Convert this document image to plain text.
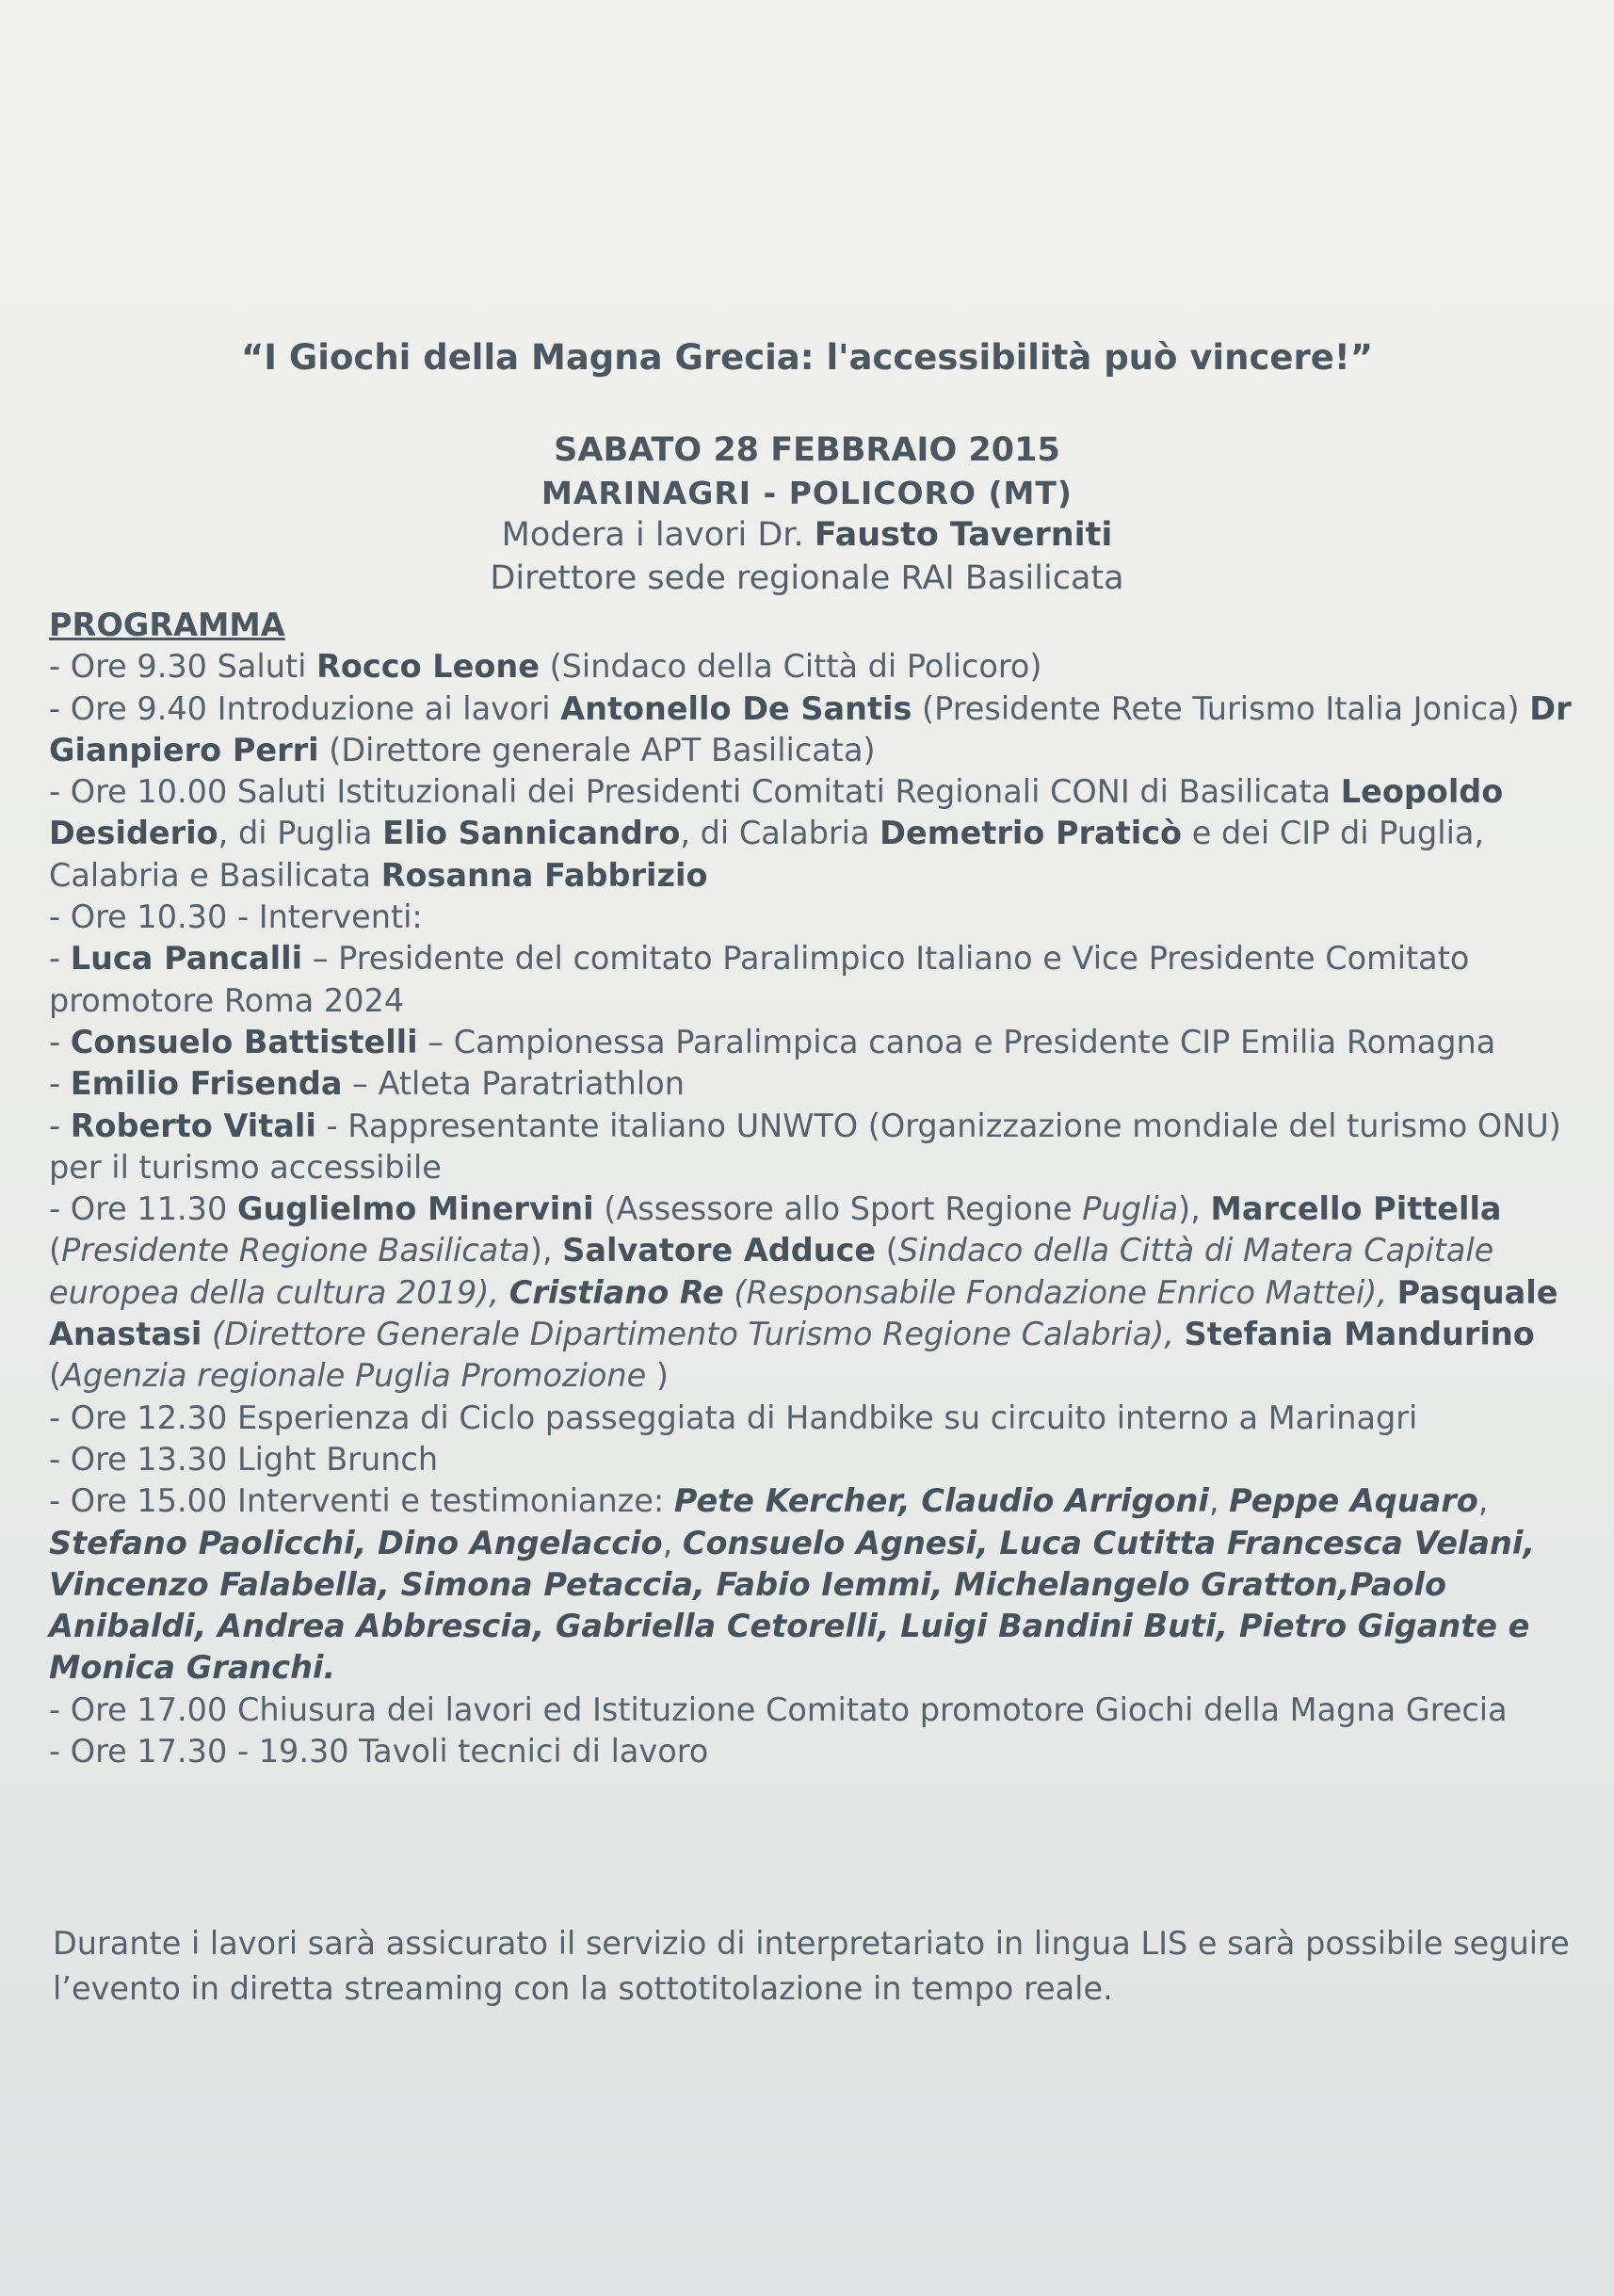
“I Giochi della Magna Grecia: l'accessibilità può vincere!”
SABATO 28 FEBBRAIO 2015
MARINAGRI - POLICORO (MT)
Modera i lavori Dr. Fausto Taverniti
Direttore sede regionale RAI Basilicata

PROGRAMMA

- Ore 9.30 Saluti Rocco Leone (Sindaco della Città di Policoro)

- Ore 9.40 Introduzione ai lavori Antonello De Santis (Presidente Rete Turismo Italia Jonica) Dr Gianpiero Perri (Direttore generale APT Basilicata)

- Ore 10.00 Saluti Istituzionali dei Presidenti Comitati Regionali CONI di Basilicata Leopoldo Desiderio, di Puglia Elio Sannicandro, di Calabria Demetrio Praticò e dei CIP di Puglia, Calabria e Basilicata Rosanna Fabbrizio

- Ore 10.30 - Interventi:

- Luca Pancalli – Presidente del comitato Paralimpico Italiano e Vice Presidente Comitato promotore Roma 2024

- Consuelo Battistelli – Campionessa Paralimpica canoa e Presidente CIP Emilia Romagna

- Emilio Frisenda – Atleta Paratriathlon

- Roberto Vitali - Rappresentante italiano UNWTO (Organizzazione mondiale del turismo ONU) per il turismo accessibile

- Ore 11.30 Guglielmo Minervini (Assessore allo Sport Regione Puglia), Marcello Pittella (Presidente Regione Basilicata), Salvatore Adduce (Sindaco della Città di Matera Capitale europea della cultura 2019), Cristiano Re (Responsabile Fondazione Enrico Mattei), Pasquale Anastasi (Direttore Generale Dipartimento Turismo Regione Calabria), Stefania Mandurino (Agenzia regionale Puglia Promozione )

- Ore 12.30 Esperienza di Ciclo passeggiata di Handbike su circuito interno a Marinagri

- Ore 13.30 Light Brunch

- Ore 15.00 Interventi e testimonianze: Pete Kercher, Claudio Arrigoni, Peppe Aquaro, Stefano Paolicchi, Dino Angelaccio, Consuelo Agnesi, Luca Cutitta Francesca Velani, Vincenzo Falabella, Simona Petaccia, Fabio Iemmi, Michelangelo Gratton,Paolo Anibaldi, Andrea Abbrescia, Gabriella Cetorelli, Luigi Bandini Buti, Pietro Gigante e Monica Granchi.

- Ore 17.00 Chiusura dei lavori ed Istituzione Comitato promotore Giochi della Magna Grecia

- Ore 17.30 - 19.30 Tavoli tecnici di lavoro

Durante i lavori sarà assicurato il servizio di interpretariato in lingua LIS e sarà possibile seguire l’evento in diretta streaming con la sottotitolazione in tempo reale.
